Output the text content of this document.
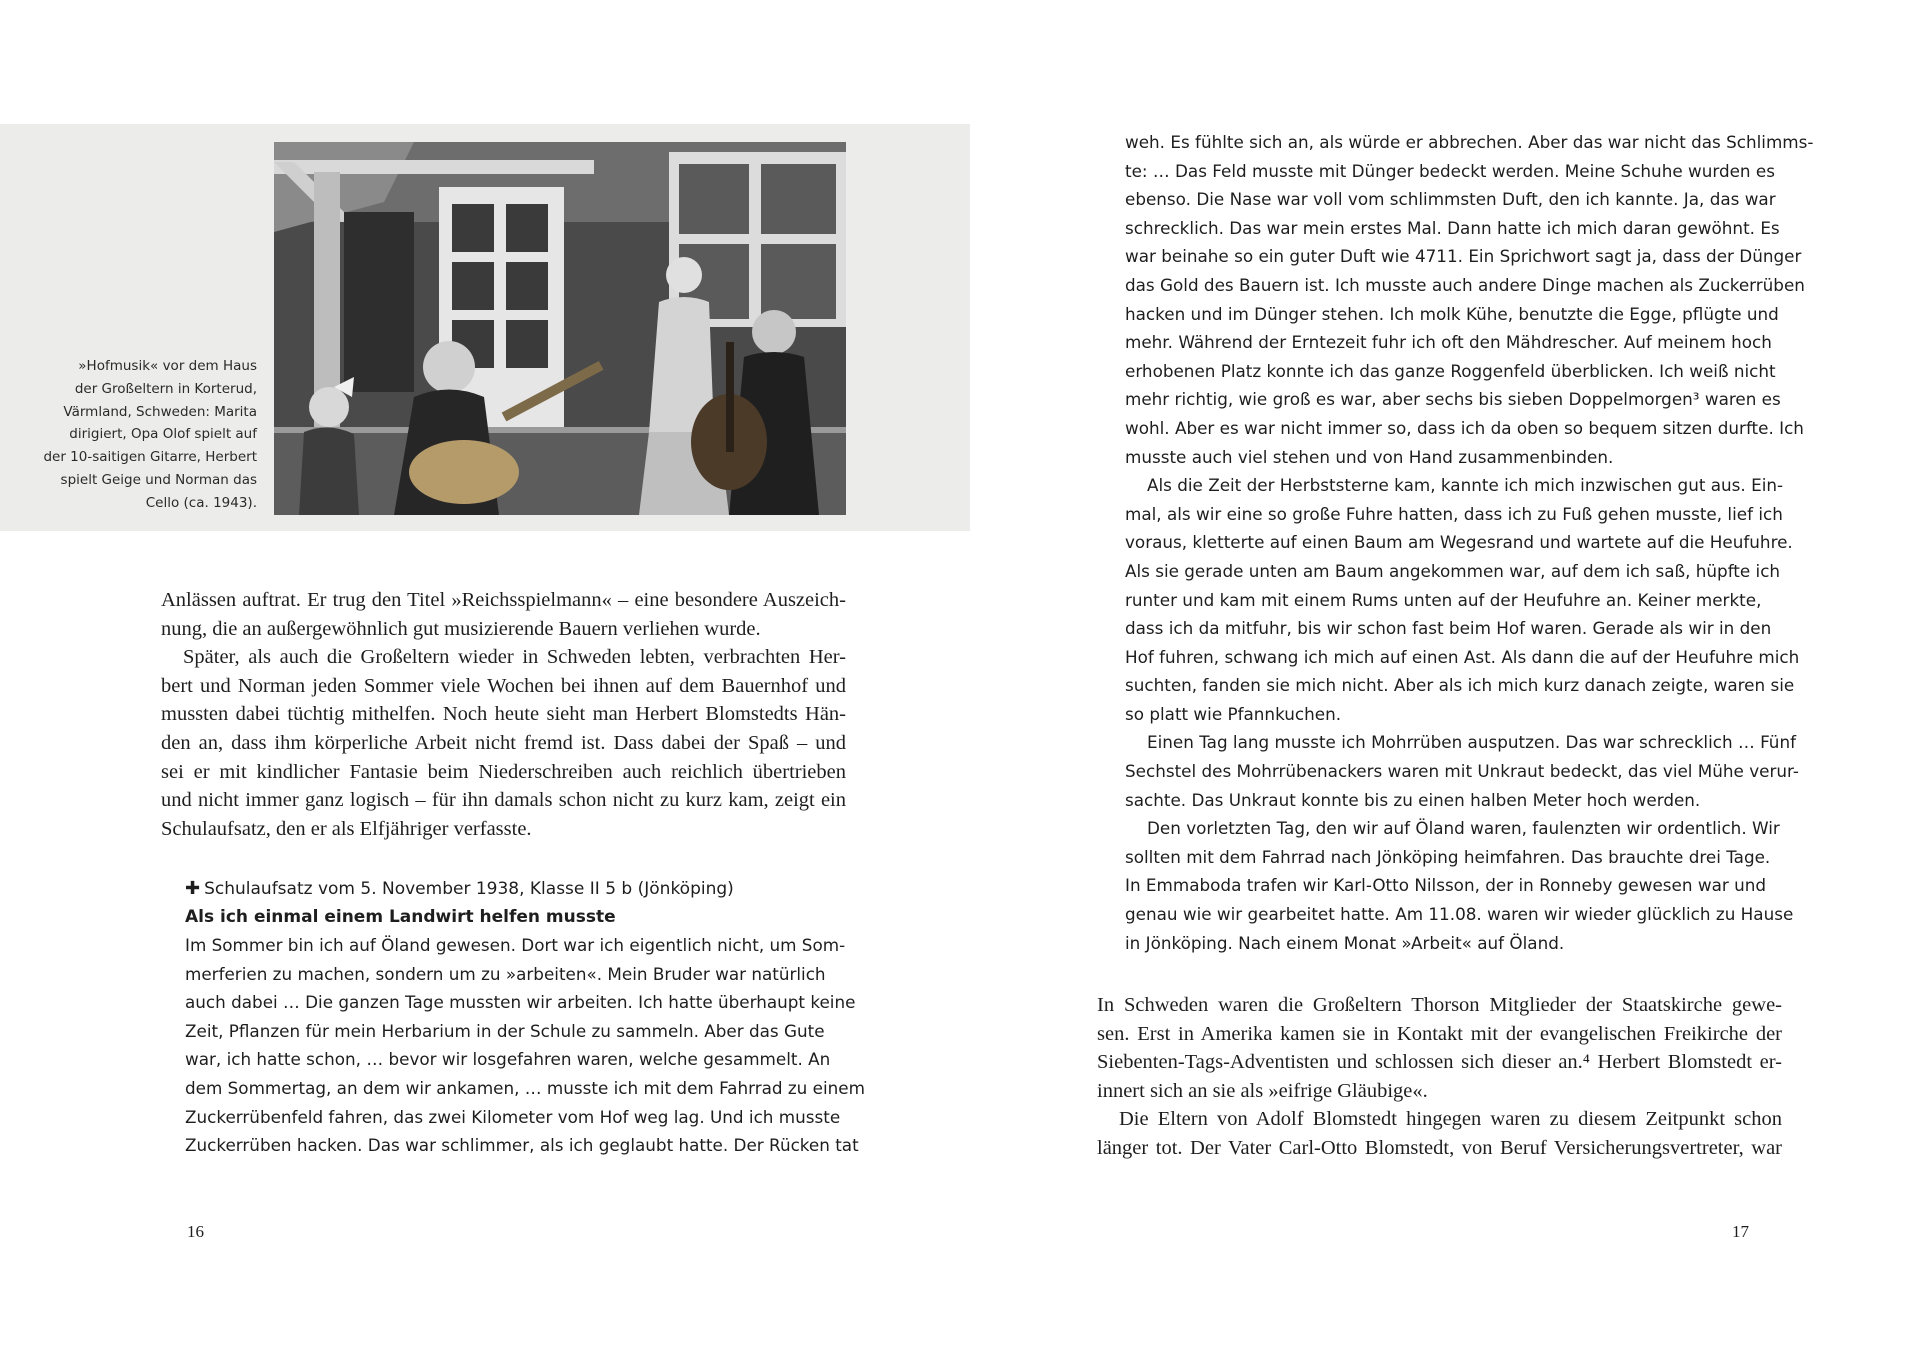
»Hofmusik« vor dem Haus
der Großeltern in Korterud,
Värmland, Schweden: Marita
dirigiert, Opa Olof spielt auf
der 10-saitigen Gitarre, Herbert
spielt Geige und Norman das
Cello (ca. 1943).
Anlässen auftrat. Er trug den Titel »Reichsspielmann« – eine besondere Auszeich-
nung, die an außergewöhnlich gut musizierende Bauern verliehen wurde.
Später, als auch die Großeltern wieder in Schweden lebten, verbrachten Her-
bert und Norman jeden Sommer viele Wochen bei ihnen auf dem Bauernhof und
mussten dabei tüchtig mithelfen. Noch heute sieht man Herbert Blomstedts Hän-
den an, dass ihm körperliche Arbeit nicht fremd ist. Dass dabei der Spaß – und
sei er mit kindlicher Fantasie beim Niederschreiben auch reichlich übertrieben
und nicht immer ganz logisch – für ihn damals schon nicht zu kurz kam, zeigt ein
Schulaufsatz, den er als Elfjähriger verfasste.
✚ Schulaufsatz vom 5. November 1938, Klasse II 5 b (Jönköping)
Als ich einmal einem Landwirt helfen musste
Im Sommer bin ich auf Öland gewesen. Dort war ich eigentlich nicht, um Som-
merferien zu machen, sondern um zu »arbeiten«. Mein Bruder war natürlich
auch dabei … Die ganzen Tage mussten wir arbeiten. Ich hatte überhaupt keine
Zeit, Pflanzen für mein Herbarium in der Schule zu sammeln. Aber das Gute
war, ich hatte schon, … bevor wir losgefahren waren, welche gesammelt. An
dem Sommertag, an dem wir ankamen, … musste ich mit dem Fahrrad zu einem
Zuckerrübenfeld fahren, das zwei Kilometer vom Hof weg lag. Und ich musste
Zuckerrüben hacken. Das war schlimmer, als ich geglaubt hatte. Der Rücken tat
16
weh. Es fühlte sich an, als würde er abbrechen. Aber das war nicht das Schlimms-
te: … Das Feld musste mit Dünger bedeckt werden. Meine Schuhe wurden es
ebenso. Die Nase war voll vom schlimmsten Duft, den ich kannte. Ja, das war
schrecklich. Das war mein erstes Mal. Dann hatte ich mich daran gewöhnt. Es
war beinahe so ein guter Duft wie 4711. Ein Sprichwort sagt ja, dass der Dünger
das Gold des Bauern ist. Ich musste auch andere Dinge machen als Zuckerrüben
hacken und im Dünger stehen. Ich molk Kühe, benutzte die Egge, pflügte und
mehr. Während der Erntezeit fuhr ich oft den Mähdrescher. Auf meinem hoch
erhobenen Platz konnte ich das ganze Roggenfeld überblicken. Ich weiß nicht
mehr richtig, wie groß es war, aber sechs bis sieben Doppelmorgen³ waren es
wohl. Aber es war nicht immer so, dass ich da oben so bequem sitzen durfte. Ich
musste auch viel stehen und von Hand zusammenbinden.
Als die Zeit der Herbststerne kam, kannte ich mich inzwischen gut aus. Ein-
mal, als wir eine so große Fuhre hatten, dass ich zu Fuß gehen musste, lief ich
voraus, kletterte auf einen Baum am Wegesrand und wartete auf die Heufuhre.
Als sie gerade unten am Baum angekommen war, auf dem ich saß, hüpfte ich
runter und kam mit einem Rums unten auf der Heufuhre an. Keiner merkte,
dass ich da mitfuhr, bis wir schon fast beim Hof waren. Gerade als wir in den
Hof fuhren, schwang ich mich auf einen Ast. Als dann die auf der Heufuhre mich
suchten, fanden sie mich nicht. Aber als ich mich kurz danach zeigte, waren sie
so platt wie Pfannkuchen.
Einen Tag lang musste ich Mohrrüben ausputzen. Das war schrecklich … Fünf
Sechstel des Mohrrübenackers waren mit Unkraut bedeckt, das viel Mühe verur-
sachte. Das Unkraut konnte bis zu einen halben Meter hoch werden.
Den vorletzten Tag, den wir auf Öland waren, faulenzten wir ordentlich. Wir
sollten mit dem Fahrrad nach Jönköping heimfahren. Das brauchte drei Tage.
In Emmaboda trafen wir Karl-Otto Nilsson, der in Ronneby gewesen war und
genau wie wir gearbeitet hatte. Am 11.08. waren wir wieder glücklich zu Hause
in Jönköping. Nach einem Monat »Arbeit« auf Öland.
In Schweden waren die Großeltern Thorson Mitglieder der Staatskirche gewe-
sen. Erst in Amerika kamen sie in Kontakt mit der evangelischen Freikirche der
Siebenten-Tags-Adventisten und schlossen sich dieser an.⁴ Herbert Blomstedt er-
innert sich an sie als »eifrige Gläubige«.
Die Eltern von Adolf Blomstedt hingegen waren zu diesem Zeitpunkt schon
länger tot. Der Vater Carl-Otto Blomstedt, von Beruf Versicherungsvertreter, war
17
